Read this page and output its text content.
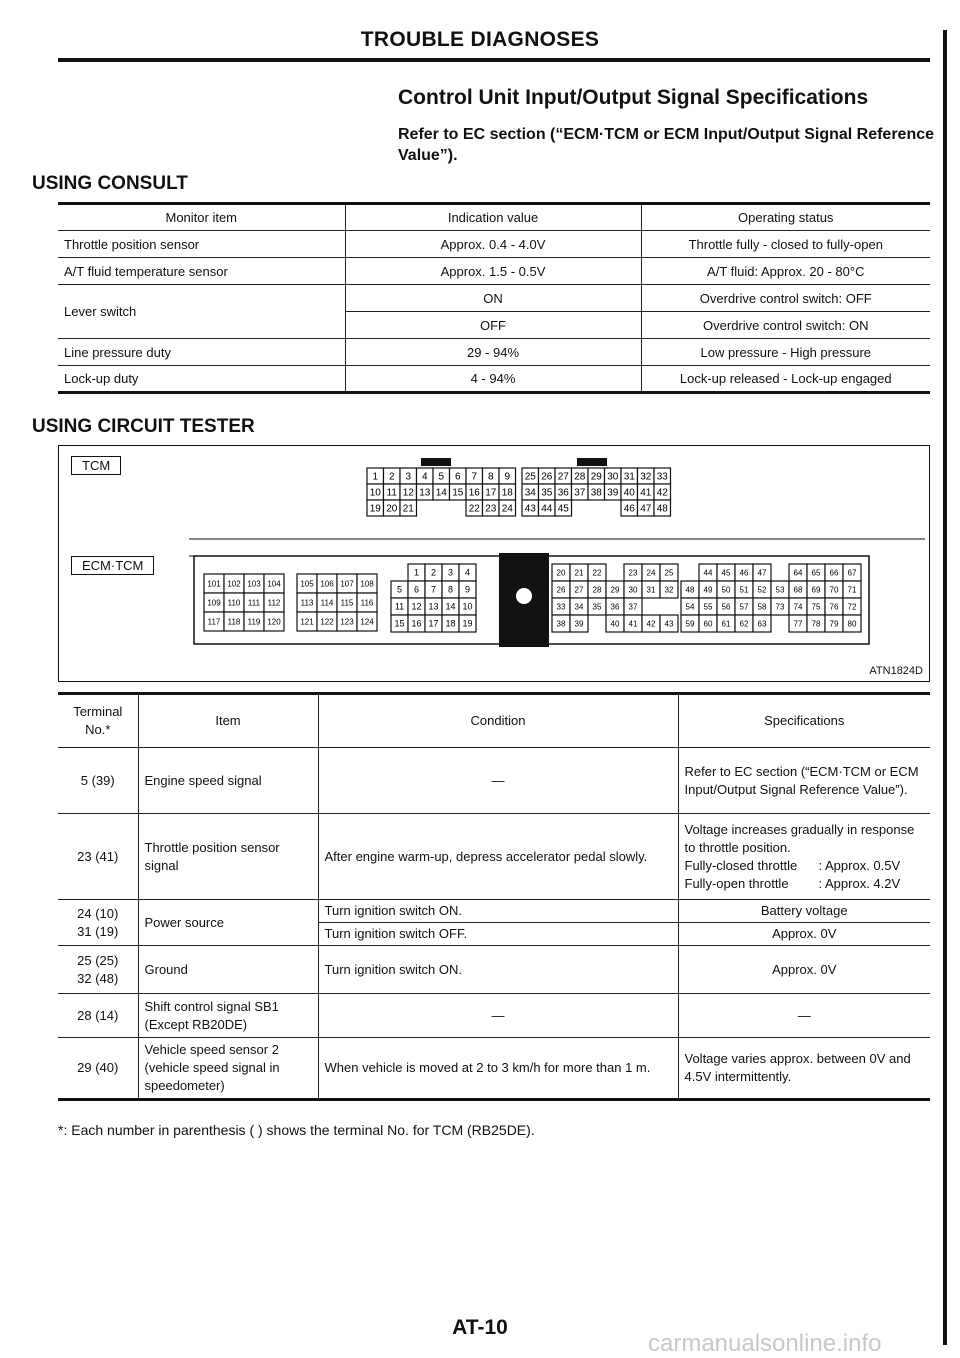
TROUBLE DIAGNOSES
Control Unit Input/Output Signal Specifications
Refer to EC section (“ECM·TCM or ECM Input/Output Signal Reference Value”).
USING CONSULT
Monitor item	Indication value	Operating status
Throttle position sensor	Approx. 0.4 - 4.0V	Throttle fully - closed to fully-open
A/T fluid temperature sensor	Approx. 1.5 - 0.5V	A/T fluid: Approx. 20 - 80°C
Lever switch	ON	Overdrive control switch: OFF
	OFF	Overdrive control switch: ON
Line pressure duty	29 - 94%	Low pressure - High pressure
Lock-up duty	4 - 94%	Lock-up released - Lock-up engaged
USING CIRCUIT TESTER
TCM
ECM·TCM
1 2 3 4 5 6 7 8 9
10 11 12 13 14 15 16 17 18
19 20 21	22 23 24
25 26 27 28 29 30 31 32 33
34 35 36 37 38 39 40 41 42
43 44 45	46 47 48
101 102 103 104
109 110 111 112
117 118 119 120
105 106 107 108
113 114 115 116
121 122 123 124
1 2 3 4
5 6 7 8 9
11 12 13 14 10
15 16 17 18 19
20 21 22	23 24 25
26 27 28 29 30 31 32
33 34 35 36 37
38 39	40 41 42 43
44 45 46 47	64 65 66 67
48 49 50 51 52 53 68 69 70 71
54 55 56 57 58 73 74 75 76 72
59 60 61 62 63	77 78 79 80
ATN1824D
Terminal No.*	Item	Condition	Specifications
5 (39)	Engine speed signal	—	Refer to EC section (“ECM·TCM or ECM Input/Output Signal Reference Value”).
23 (41)	Throttle position sensor signal	After engine warm-up, depress accelerator pedal slowly.	Voltage increases gradually in response to throttle position.
Fully-closed throttle : Approx. 0.5V
Fully-open throttle : Approx. 4.2V

24 (10)
31 (19)	Power source	Turn ignition switch ON.	Battery voltage
		Turn ignition switch OFF.	Approx. 0V
25 (25)
32 (48)	Ground	Turn ignition switch ON.	Approx. 0V
28 (14)	Shift control signal SB1 (Except RB20DE)	—	—
29 (40)	Vehicle speed sensor 2 (vehicle speed signal in speedometer)	When vehicle is moved at 2 to 3 km/h for more than 1 m.	Voltage varies approx. between 0V and 4.5V intermittently.
*: Each number in parenthesis ( ) shows the terminal No. for TCM (RB25DE).
AT-10
carmanualsonline.info
